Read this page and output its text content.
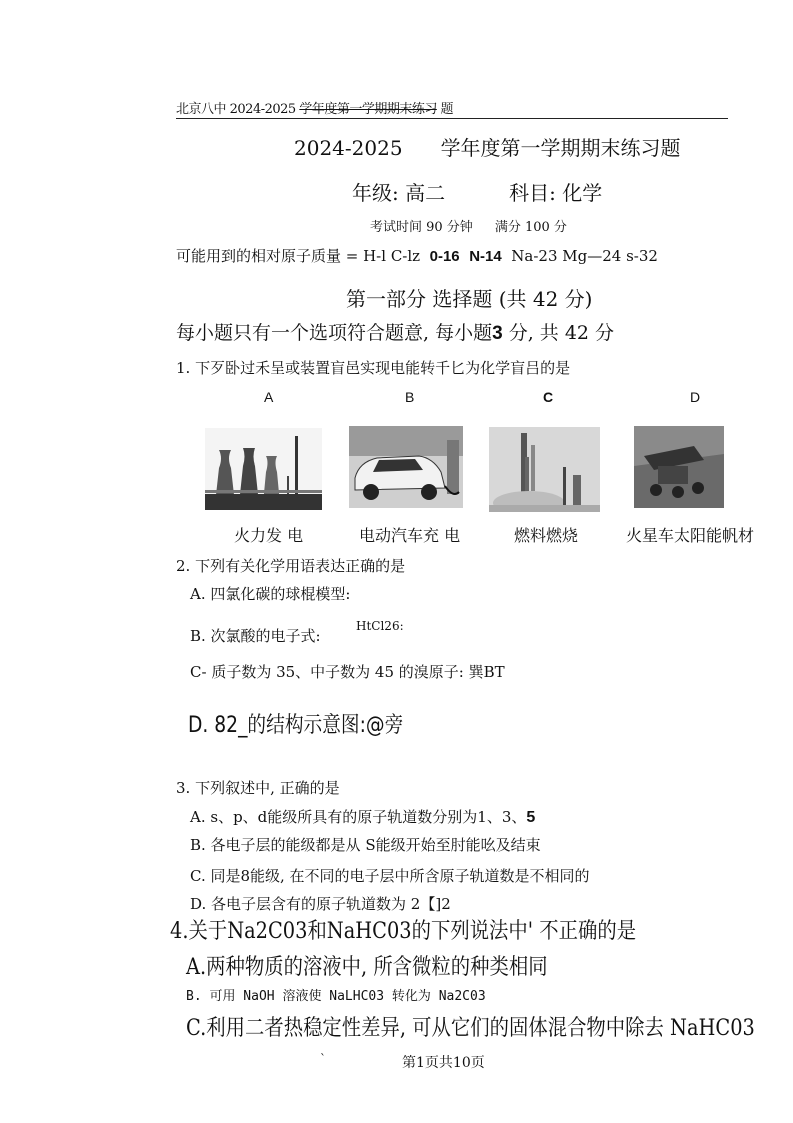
北京八中 2024-2025 学年度第一学期期末练习 题
2024-2025 学年度第一学期期末练习题
年级: 高二	科目: 化学
考试时间 90 分钟 满分 100 分
可能用到的相对原子质量 = H-l C-lz 0-16 N-14 Na-23 Mg—24 s-32
第一部分 选择题 (共 42 分)
每小题只有一个选项符合题意, 每小题3 分, 共 42 分
1. 下歹卧过禾呈或装置盲邑实现电能转千匕为化学盲吕的是
A	B	C	D
火力发 电	电动汽车充 电	燃料燃烧	火星车太阳能帆材
2. 下列有关化学用语表达正确的是
A. 四氯化碳的球棍模型:
B. 次氯酸的电子式:
HtCl26:
C- 质子数为 35、中子数为 45 的溴原子: 巽BT
D. 82_的结构示意图:@旁
3. 下列叙述中, 正确的是
A. s、p、d能级所具有的原子轨道数分别为1、3、5
B. 各电子层的能级都是从 S能级开始至肘能吆及结束
C. 同是8能级, 在不同的电子层中所含原子轨道数是不相同的
D. 各电子层含有的原子轨道数为 2【]2
4.关于Na2C03和NaHC03的下列说法中' 不正确的是
A.两种物质的溶液中, 所含微粒的种类相同
B. 可用 NaOH 溶液使 NaLHC03 转化为 Na2C03
C.利用二者热稳定性差异, 可从它们的固体混合物中除去 NaHC03
`	第1页共10页
